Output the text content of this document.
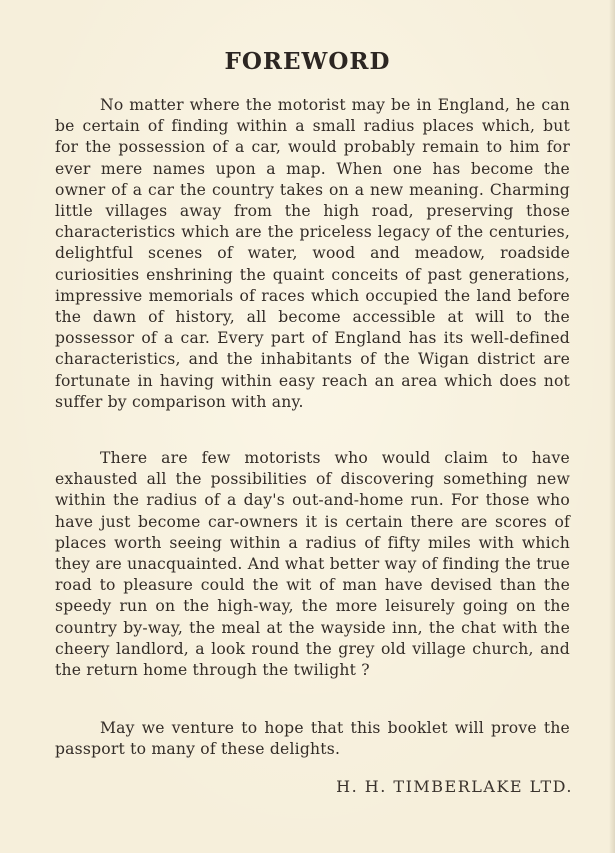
FOREWORD
No matter where the motorist may be in England, he can be certain of finding within a small radius places which, but for the possession of a car, would probably remain to him for ever mere names upon a map. When one has become the owner of a car the country takes on a new meaning. Charming little villages away from the high road, preserving those characteristics which are the priceless legacy of the centuries, delightful scenes of water, wood and meadow, roadside curiosities enshrining the quaint conceits of past generations, impressive memorials of races which occupied the land before the dawn of history, all become accessible at will to the possessor of a car. Every part of England has its well-defined characteristics, and the inhabitants of the Wigan district are fortunate in having within easy reach an area which does not suffer by comparison with any.
There are few motorists who would claim to have exhausted all the possibilities of discovering something new within the radius of a day's out-and-home run. For those who have just become car-owners it is certain there are scores of places worth seeing within a radius of fifty miles with which they are unacquainted. And what better way of finding the true road to pleasure could the wit of man have devised than the speedy run on the high-way, the more leisurely going on the country by-way, the meal at the wayside inn, the chat with the cheery landlord, a look round the grey old village church, and the return home through the twilight ?
May we venture to hope that this booklet will prove the passport to many of these delights.
H. H. TIMBERLAKE LTD.
